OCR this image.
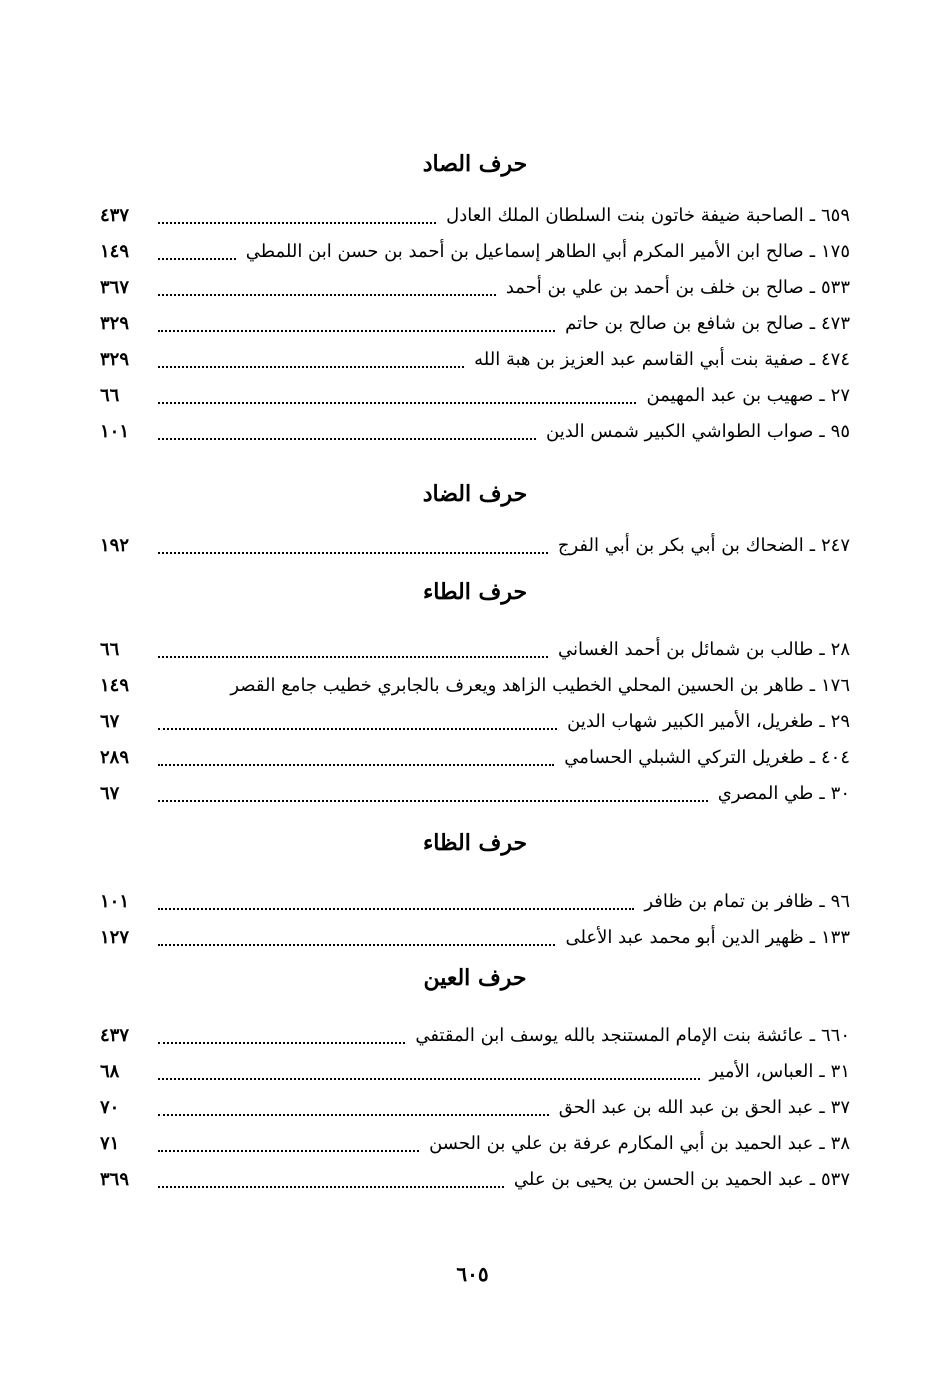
حرف الصاد
٦٥٩
ـ
الصاحبة ضيفة خاتون بنت السلطان الملك العادل
٤٣٧
١٧٥
ـ
صالح ابن الأمير المكرم أبي الطاهر إسماعيل بن أحمد بن حسن ابن اللمطي
١٤٩
٥٣٣
ـ
صالح بن خلف بن أحمد بن علي بن أحمد
٣٦٧
٤٧٣
ـ
صالح بن شافع بن صالح بن حاتم
٣٢٩
٤٧٤
ـ
صفية بنت أبي القاسم عبد العزيز بن هبة الله
٣٢٩
٢٧
ـ
صهيب بن عبد المهيمن
٦٦
٩٥
ـ
صواب الطواشي الكبير شمس الدين
١٠١
حرف الضاد
٢٤٧
ـ
الضحاك بن أبي بكر بن أبي الفرج
١٩٢
حرف الطاء
٢٨
ـ
طالب بن شمائل بن أحمد الغساني
٦٦
١٧٦
ـ
طاهر بن الحسين المحلي الخطيب الزاهد ويعرف بالجابري خطيب جامع القصر
١٤٩
٢٩
ـ
طغريل، الأمير الكبير شهاب الدين
٦٧
٤٠٤
ـ
طغريل التركي الشبلي الحسامي
٢٨٩
٣٠
ـ
طي المصري
٦٧
حرف الظاء
٩٦
ـ
ظافر بن تمام بن ظافر
١٠١
١٣٣
ـ
ظهير الدين أبو محمد عبد الأعلى
١٢٧
حرف العين
٦٦٠
ـ
عائشة بنت الإمام المستنجد بالله يوسف ابن المقتفي
٤٣٧
٣١
ـ
العباس، الأمير
٦٨
٣٧
ـ
عبد الحق بن عبد الله بن عبد الحق
٧٠
٣٨
ـ
عبد الحميد بن أبي المكارم عرفة بن علي بن الحسن
٧١
٥٣٧
ـ
عبد الحميد بن الحسن بن يحيى بن علي
٣٦٩
٦٠٥
